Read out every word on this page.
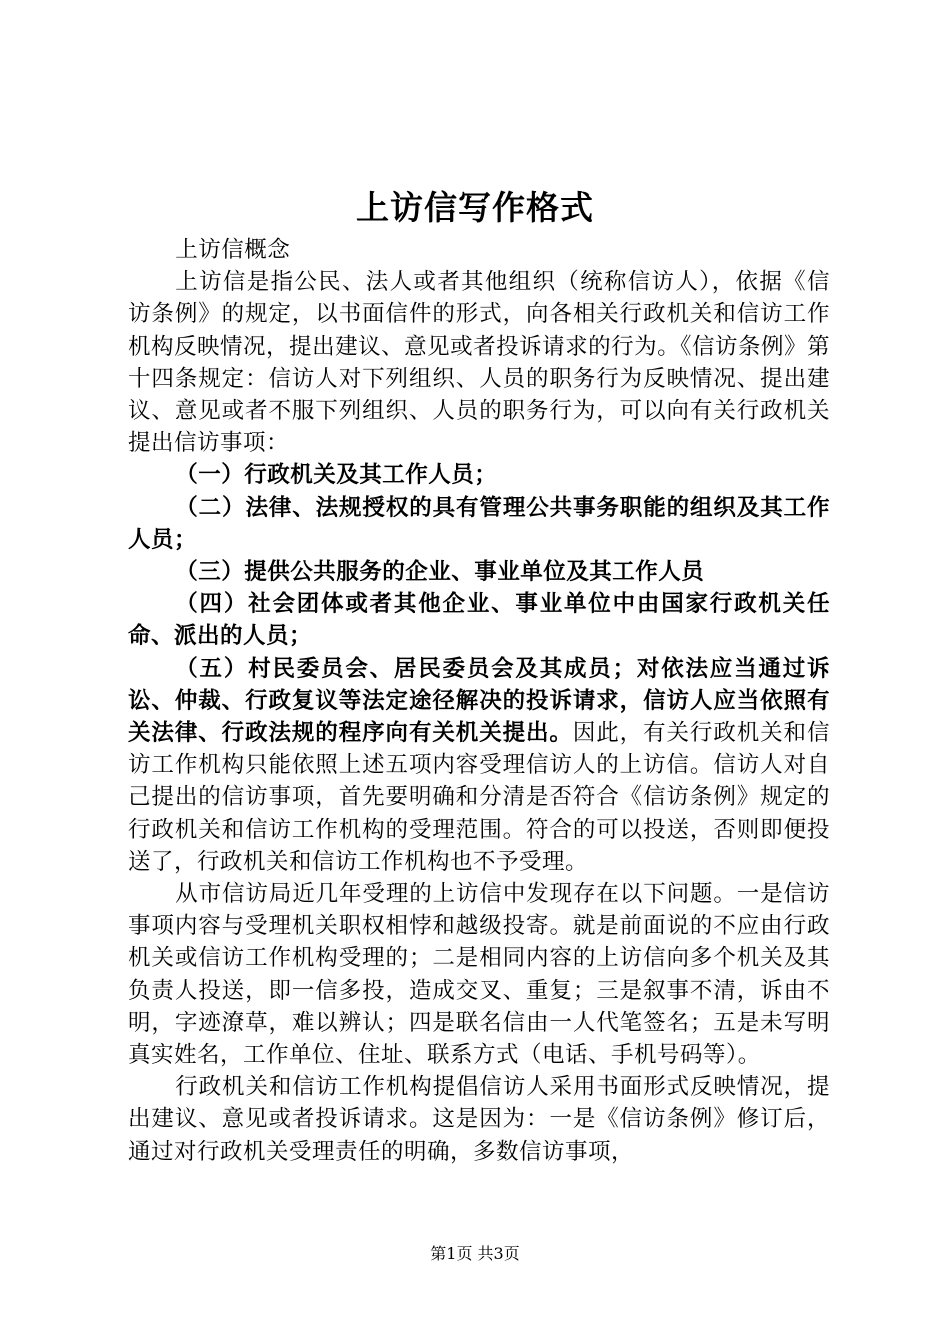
上访信写作格式

上访信概念

上访信是指公民、法人或者其他组织（统称信访人），依据《信访条例》的规定，以书面信件的形式，向各相关行政机关和信访工作机构反映情况，提出建议、意见或者投诉请求的行为。《信访条例》第十四条规定：信访人对下列组织、人员的职务行为反映情况、提出建议、意见或者不服下列组织、人员的职务行为，可以向有关行政机关提出信访事项：

（一）行政机关及其工作人员；

（二）法律、法规授权的具有管理公共事务职能的组织及其工作人员；

（三）提供公共服务的企业、事业单位及其工作人员

（四）社会团体或者其他企业、事业单位中由国家行政机关任命、派出的人员；

（五）村民委员会、居民委员会及其成员；对依法应当通过诉讼、仲裁、行政复议等法定途径解决的投诉请求，信访人应当依照有关法律、行政法规的程序向有关机关提出。因此，有关行政机关和信访工作机构只能依照上述五项内容受理信访人的上访信。信访人对自己提出的信访事项，首先要明确和分清是否符合《信访条例》规定的行政机关和信访工作机构的受理范围。符合的可以投送，否则即便投送了，行政机关和信访工作机构也不予受理。

从市信访局近几年受理的上访信中发现存在以下问题。一是信访事项内容与受理机关职权相悖和越级投寄。就是前面说的不应由行政机关或信访工作机构受理的；二是相同内容的上访信向多个机关及其负责人投送，即一信多投，造成交叉、重复；三是叙事不清，诉由不明，字迹潦草，难以辨认；四是联名信由一人代笔签名；五是未写明真实姓名，工作单位、住址、联系方式（电话、手机号码等）。

行政机关和信访工作机构提倡信访人采用书面形式反映情况，提出建议、意见或者投诉请求。这是因为：一是《信访条例》修订后，通过对行政机关受理责任的明确，多数信访事项，

第1页 共3页
